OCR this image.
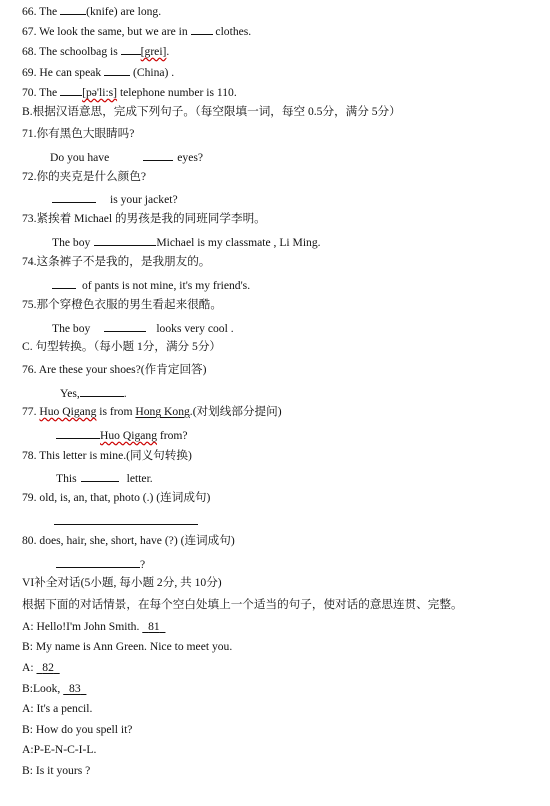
66. The (knife) are long.
67. We look the same, but we are in  clothes.
68. The schoolbag is [grei].
69. He can speak  (China) .
70. The [pə'li:s] telephone number is 110.
B.根据汉语意思，完成下列句子。（每空限填一词，每空 0.5分，满分 5分）
71.你有黑色大眼睛吗?
Do you have	eyes?
72.你的夹克是什么颜色?
is your jacket?
73.紧挨着 Michael 的男孩是我的同班同学李明。
The boy	Michael is my classmate , Li Ming.
74.这条裤子不是我的，是我朋友的。
of pants is not mine, it's my friend's.
75.那个穿橙色衣服的男生看起来很酷。
The boy	looks very cool .
C. 句型转换。（每小题 1分，满分 5分）
76. Are these your shoes?(作肯定回答)
Yes,	.
77. Huo Qigang is from Hong Kong.(对划线部分提问)
Huo Qigang from?
78. This letter is mine.(同义句转换)
This	letter.
79. old, is, an, that, photo (.) (连词成句)
80. does, hair, she, short, have (?) (连词成句)
?
VI补全对话(5小题, 每小题 2分, 共 10分)
根据下面的对话情景，在每个空白处填上一个适当的句子，使对话的意思连贯、完整。
A: Hello!I'm John Smith.   81
B: My name is Ann Green. Nice to meet you.
A:   82
B:Look,   83
A: It's a pencil.
B: How do you spell it?
A:P-E-N-C-I-L.
B: Is it yours ?
